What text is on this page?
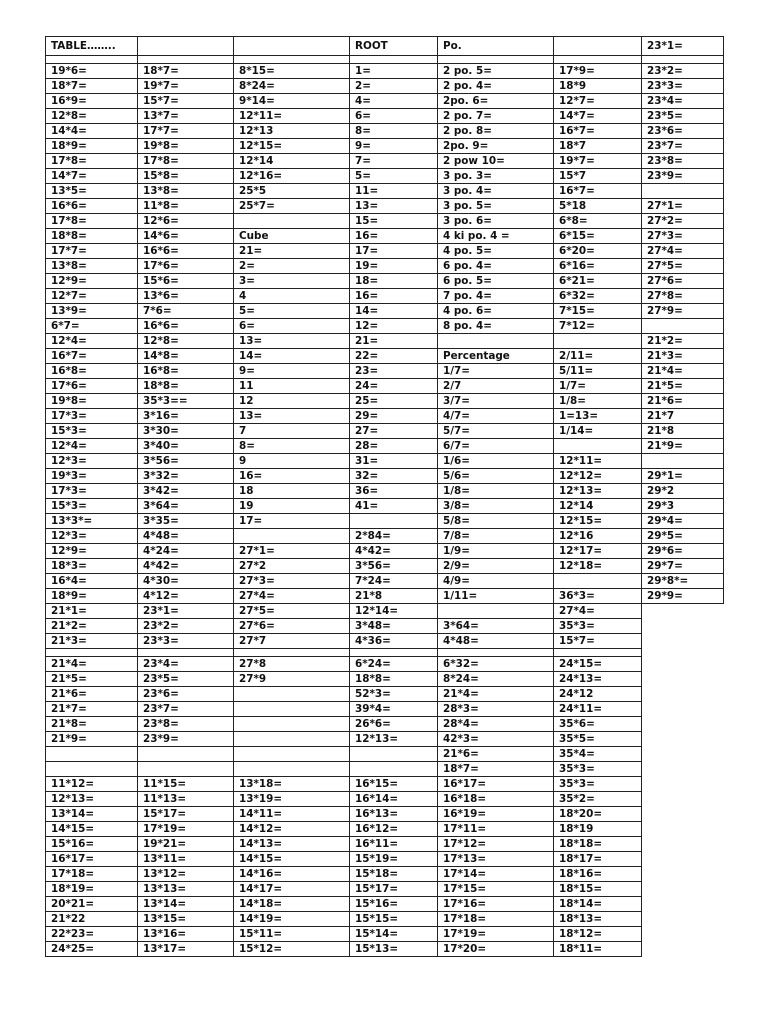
TABLE……..			ROOT	Po.		23*1=

19*6=	18*7=	8*15=	1=	2 po. 5=	17*9=	23*2=
18*7=	19*7=	8*24=	2=	2 po. 4=	18*9	23*3=
16*9=	15*7=	9*14=	4=	2po. 6=	12*7=	23*4=
12*8=	13*7=	12*11=	6=	2 po. 7=	14*7=	23*5=
14*4=	17*7=	12*13	8=	2 po. 8=	16*7=	23*6=
18*9=	19*8=	12*15=	9=	2po. 9=	18*7	23*7=
17*8=	17*8=	12*14	7=	2 pow 10=	19*7=	23*8=
14*7=	15*8=	12*16=	5=	3 po. 3=	15*7	23*9=
13*5=	13*8=	25*5	11=	3 po. 4=	16*7=	
16*6=	11*8=	25*7=	13=	3 po. 5=	5*18	27*1=
17*8=	12*6=		15=	3 po. 6=	6*8=	27*2=
18*8=	14*6=	Cube	16=	4 ki po. 4 =	6*15=	27*3=
17*7=	16*6=	21=	17=	4 po. 5=	6*20=	27*4=
13*8=	17*6=	2=	19=	6 po. 4=	6*16=	27*5=
12*9=	15*6=	3=	18=	6 po. 5=	6*21=	27*6=
12*7=	13*6=	4	16=	7 po. 4=	6*32=	27*8=
13*9=	7*6=	5=	14=	4 po. 6=	7*15=	27*9=
6*7=	16*6=	6=	12=	8 po. 4=	7*12=	
12*4=	12*8=	13=	21=			21*2=
16*7=	14*8=	14=	22=	Percentage	2/11=	21*3=
16*8=	16*8=	9=	23=	1/7=	5/11=	21*4=
17*6=	18*8=	11	24=	2/7	1/7=	21*5=
19*8=	35*3==	12	25=	3/7=	1/8=	21*6=
17*3=	3*16=	13=	29=	4/7=	1=13=	21*7
15*3=	3*30=	7	27=	5/7=	1/14=	21*8
12*4=	3*40=	8=	28=	6/7=		21*9=
12*3=	3*56=	9	31=	1/6=	12*11=	
19*3=	3*32=	16=	32=	5/6=	12*12=	29*1=
17*3=	3*42=	18	36=	1/8=	12*13=	29*2
15*3=	3*64=	19	41=	3/8=	12*14	29*3
13*3*=	3*35=	17=		5/8=	12*15=	29*4=
12*3=	4*48=		2*84=	7/8=	12*16	29*5=
12*9=	4*24=	27*1=	4*42=	1/9=	12*17=	29*6=
18*3=	4*42=	27*2	3*56=	2/9=	12*18=	29*7=
16*4=	4*30=	27*3=	7*24=	4/9=		29*8*=
18*9=	4*12=	27*4=	21*8	1/11=	36*3=	29*9=
21*1=	23*1=	27*5=	12*14=		27*4=	
21*2=	23*2=	27*6=	3*48=	3*64=	35*3=	
21*3=	23*3=	27*7	4*36=	4*48=	15*7=	

21*4=	23*4=	27*8	6*24=	6*32=	24*15=	
21*5=	23*5=	27*9	18*8=	8*24=	24*13=	
21*6=	23*6=		52*3=	21*4=	24*12	
21*7=	23*7=		39*4=	28*3=	24*11=	
21*8=	23*8=		26*6=	28*4=	35*6=	
21*9=	23*9=		12*13=	42*3=	35*5=	
				21*6=	35*4=	
				18*7=	35*3=	
11*12=	11*15=	13*18=	16*15=	16*17=	35*3=	
12*13=	11*13=	13*19=	16*14=	16*18=	35*2=	
13*14=	15*17=	14*11=	16*13=	16*19=	18*20=	
14*15=	17*19=	14*12=	16*12=	17*11=	18*19	
15*16=	19*21=	14*13=	16*11=	17*12=	18*18=	
16*17=	13*11=	14*15=	15*19=	17*13=	18*17=	
17*18=	13*12=	14*16=	15*18=	17*14=	18*16=	
18*19=	13*13=	14*17=	15*17=	17*15=	18*15=	
20*21=	13*14=	14*18=	15*16=	17*16=	18*14=	
21*22	13*15=	14*19=	15*15=	17*18=	18*13=	
22*23=	13*16=	15*11=	15*14=	17*19=	18*12=	
24*25=	13*17=	15*12=	15*13=	17*20=	18*11=	
